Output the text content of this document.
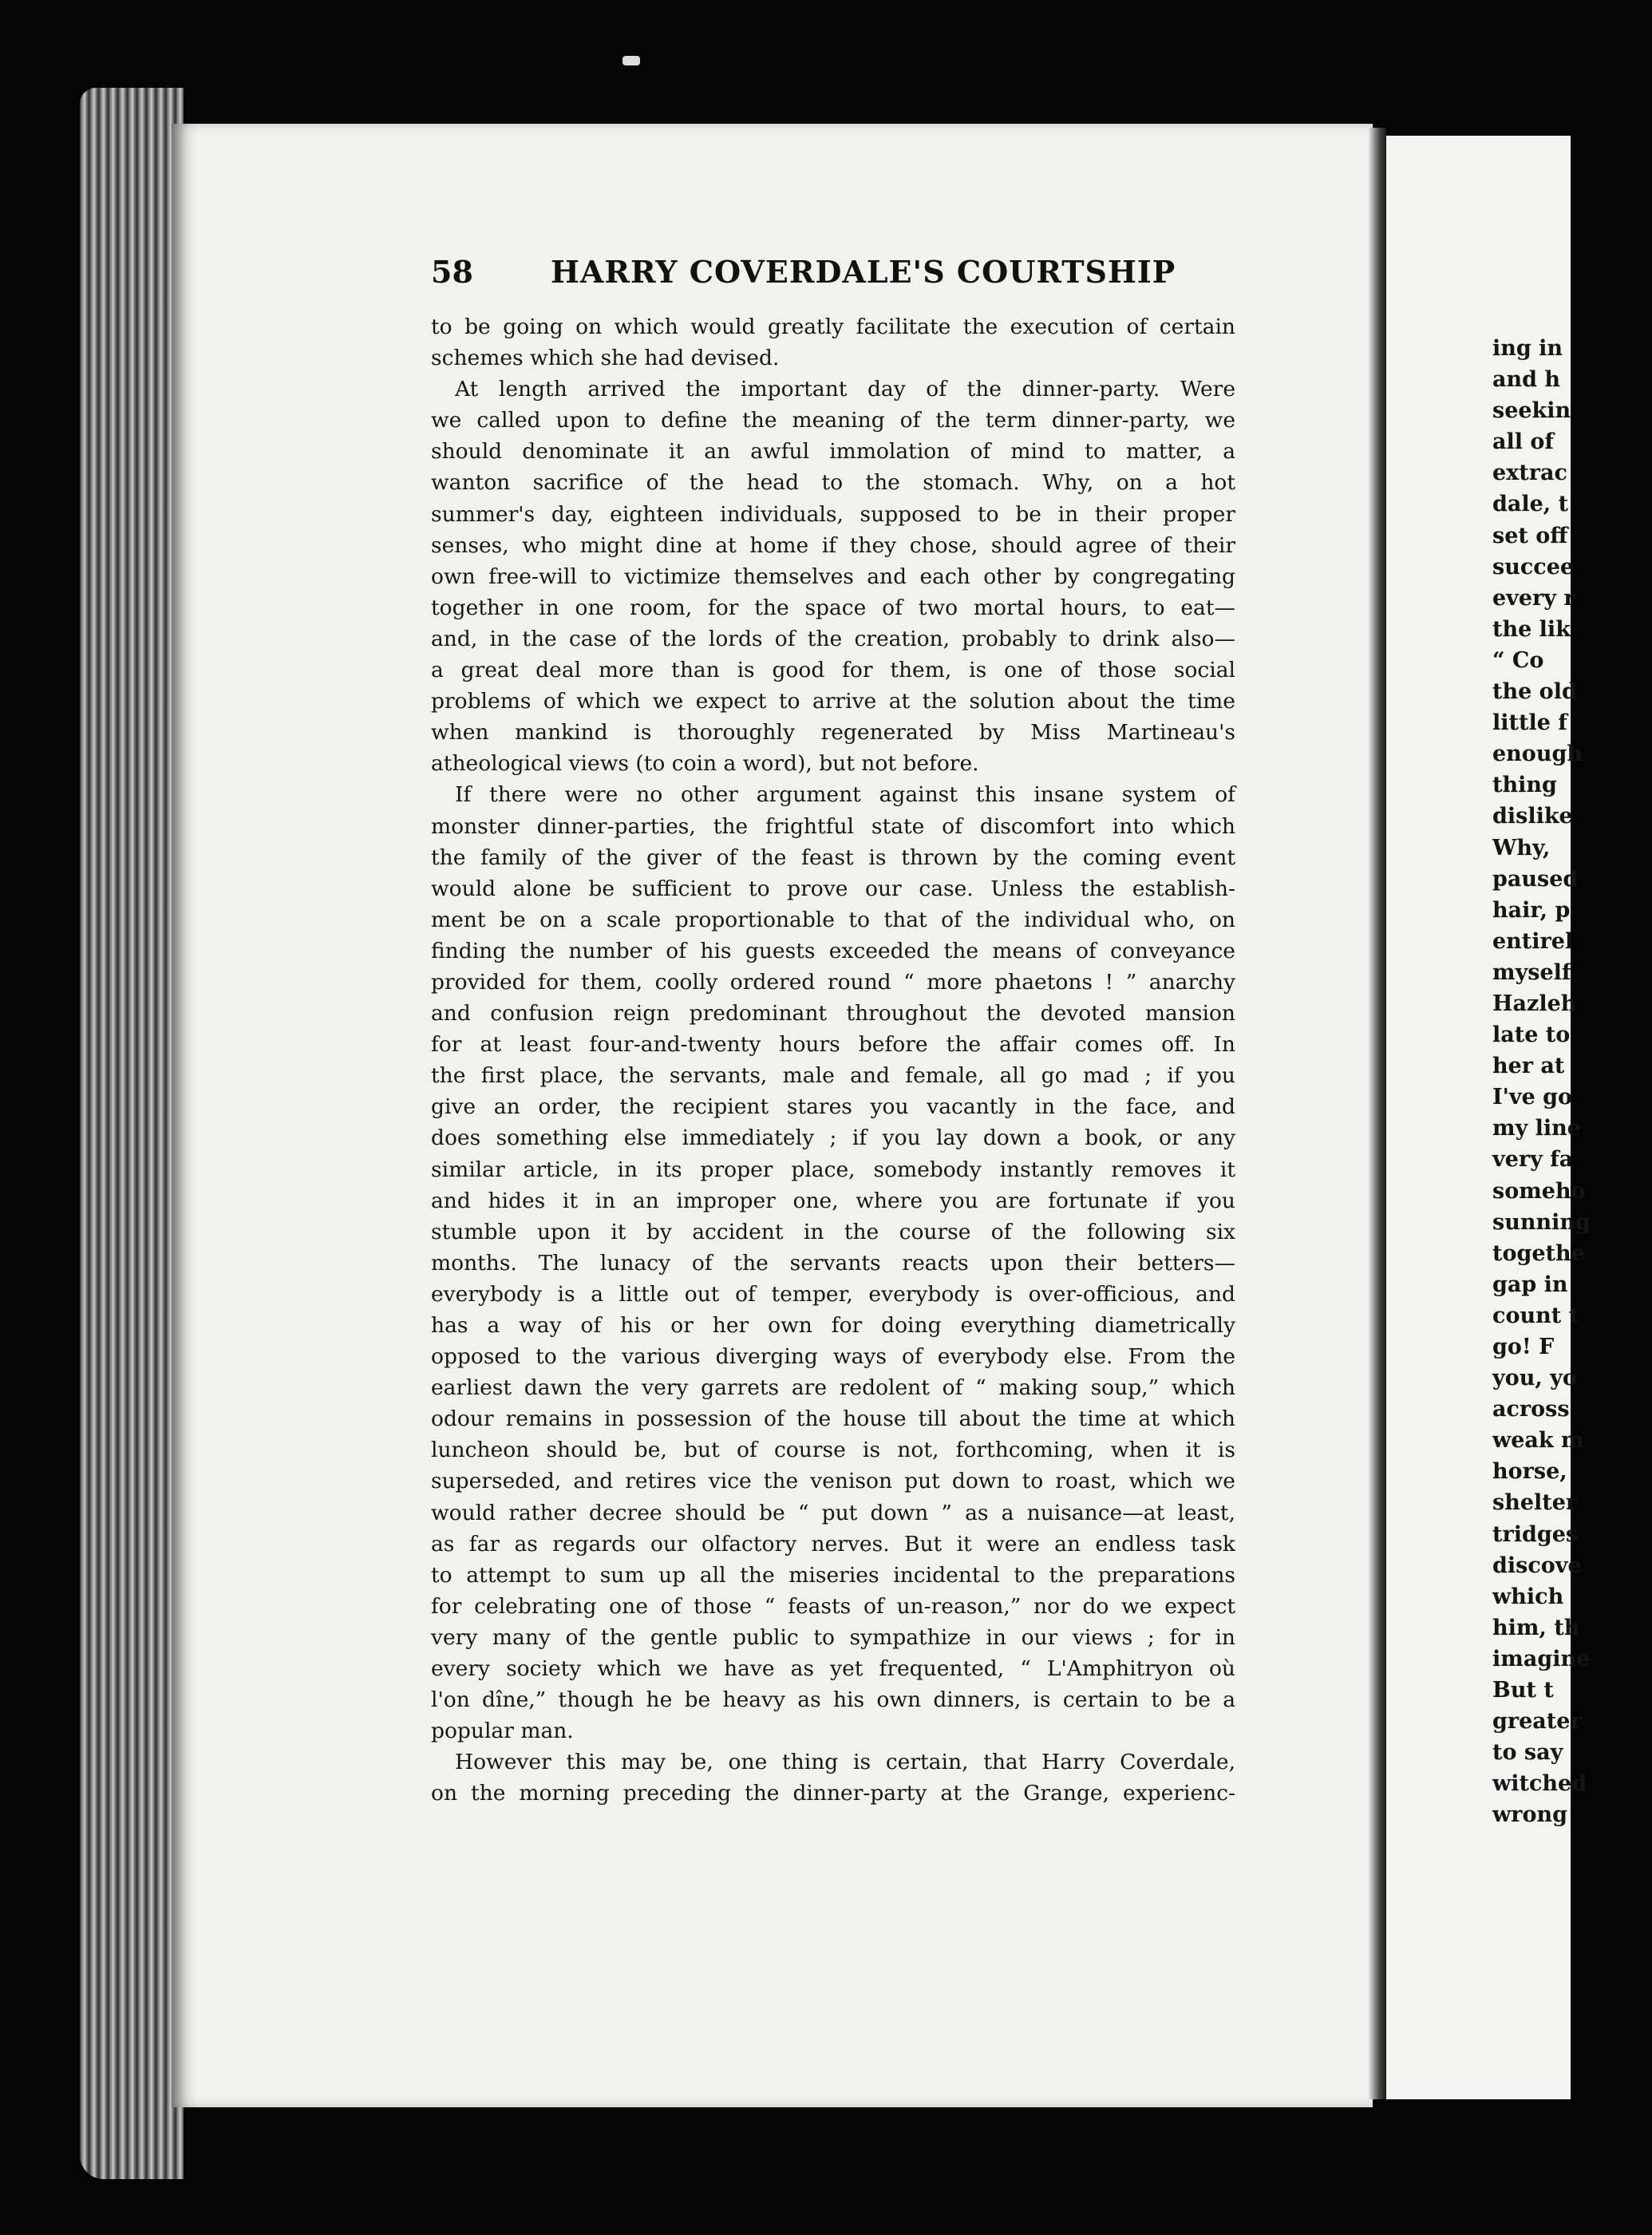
58	HARRY COVERDALE'S COURTSHIP
to be going on which would greatly facilitate the execution of certain
schemes which she had devised.
At length arrived the important day of the dinner-party. Were
we called upon to define the meaning of the term dinner-party, we
should denominate it an awful immolation of mind to matter, a
wanton sacrifice of the head to the stomach. Why, on a hot
summer's day, eighteen individuals, supposed to be in their proper
senses, who might dine at home if they chose, should agree of their
own free-will to victimize themselves and each other by congregating
together in one room, for the space of two mortal hours, to eat—
and, in the case of the lords of the creation, probably to drink also—
a great deal more than is good for them, is one of those social
problems of which we expect to arrive at the solution about the time
when mankind is thoroughly regenerated by Miss Martineau's
atheological views (to coin a word), but not before.
If there were no other argument against this insane system of
monster dinner-parties, the frightful state of discomfort into which
the family of the giver of the feast is thrown by the coming event
would alone be sufficient to prove our case. Unless the establish-
ment be on a scale proportionable to that of the individual who, on
finding the number of his guests exceeded the means of conveyance
provided for them, coolly ordered round “ more phaetons ! ” anarchy
and confusion reign predominant throughout the devoted mansion
for at least four-and-twenty hours before the affair comes off. In
the first place, the servants, male and female, all go mad ; if you
give an order, the recipient stares you vacantly in the face, and
does something else immediately ; if you lay down a book, or any
similar article, in its proper place, somebody instantly removes it
and hides it in an improper one, where you are fortunate if you
stumble upon it by accident in the course of the following six
months. The lunacy of the servants reacts upon their betters—
everybody is a little out of temper, everybody is over-officious, and
has a way of his or her own for doing everything diametrically
opposed to the various diverging ways of everybody else. From the
earliest dawn the very garrets are redolent of “ making soup,” which
odour remains in possession of the house till about the time at which
luncheon should be, but of course is not, forthcoming, when it is
superseded, and retires vice the venison put down to roast, which we
would rather decree should be “ put down ” as a nuisance—at least,
as far as regards our olfactory nerves. But it were an endless task
to attempt to sum up all the miseries incidental to the preparations
for celebrating one of those “ feasts of un-reason,” nor do we expect
very many of the gentle public to sympathize in our views ; for in
every society which we have as yet frequented, “ L'Amphitryon où
l'on dîne,” though he be heavy as his own dinners, is certain to be a
popular man.
However this may be, one thing is certain, that Harry Coverdale,
on the morning preceding the dinner-party at the Grange, experienc-
ing in
and h
seekin
all of
extrac
dale, t
set off
succee
every r
the lik
“ Co
the old
little f
enough
thing
dislike
Why,
paused
hair, p
entirel
myself
Hazleh
late to
her at
I've go
my line
very fa
someho
sunning
togethe
gap in
count t
go! F
you, yo
across
weak m
horse,
shelter
tridges
discove
which
him, th
imagine
But t
greater
to say
witched
wrong
